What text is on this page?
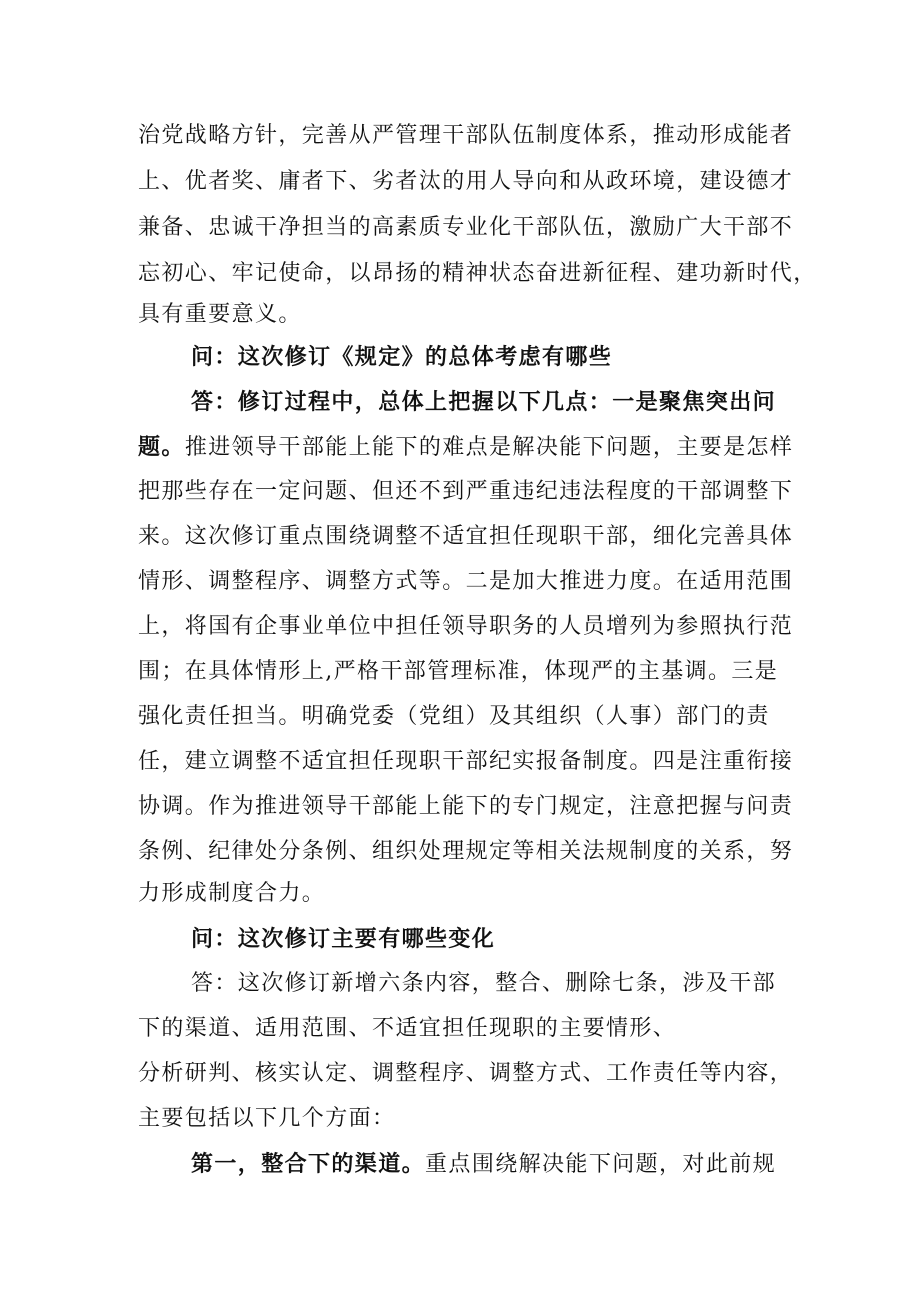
治党战略方针，完善从严管理干部队伍制度体系，推动形成能者
上、优者奖、庸者下、劣者汰的用人导向和从政环境，建设德才
兼备、忠诚干净担当的高素质专业化干部队伍，激励广大干部不
忘初心、牢记使命，以昂扬的精神状态奋进新征程、建功新时代，
具有重要意义。
问：这次修订《规定》的总体考虑有哪些
答：修订过程中，总体上把握以下几点：一是聚焦突出问
题。推进领导干部能上能下的难点是解决能下问题，主要是怎样
把那些存在一定问题、但还不到严重违纪违法程度的干部调整下
来。这次修订重点围绕调整不适宜担任现职干部，细化完善具体
情形、调整程序、调整方式等。二是加大推进力度。在适用范围
上，将国有企事业单位中担任领导职务的人员增列为参照执行范
围；在具体情形上,严格干部管理标准，体现严的主基调。三是
强化责任担当。明确党委（党组）及其组织（人事）部门的责
任，建立调整不适宜担任现职干部纪实报备制度。四是注重衔接
协调。作为推进领导干部能上能下的专门规定，注意把握与问责
条例、纪律处分条例、组织处理规定等相关法规制度的关系，努
力形成制度合力。
问：这次修订主要有哪些变化
答：这次修订新增六条内容，整合、删除七条，涉及干部
下的渠道、适用范围、不适宜担任现职的主要情形、
分析研判、核实认定、调整程序、调整方式、工作责任等内容，
主要包括以下几个方面：
第一，整合下的渠道。重点围绕解决能下问题，对此前规
